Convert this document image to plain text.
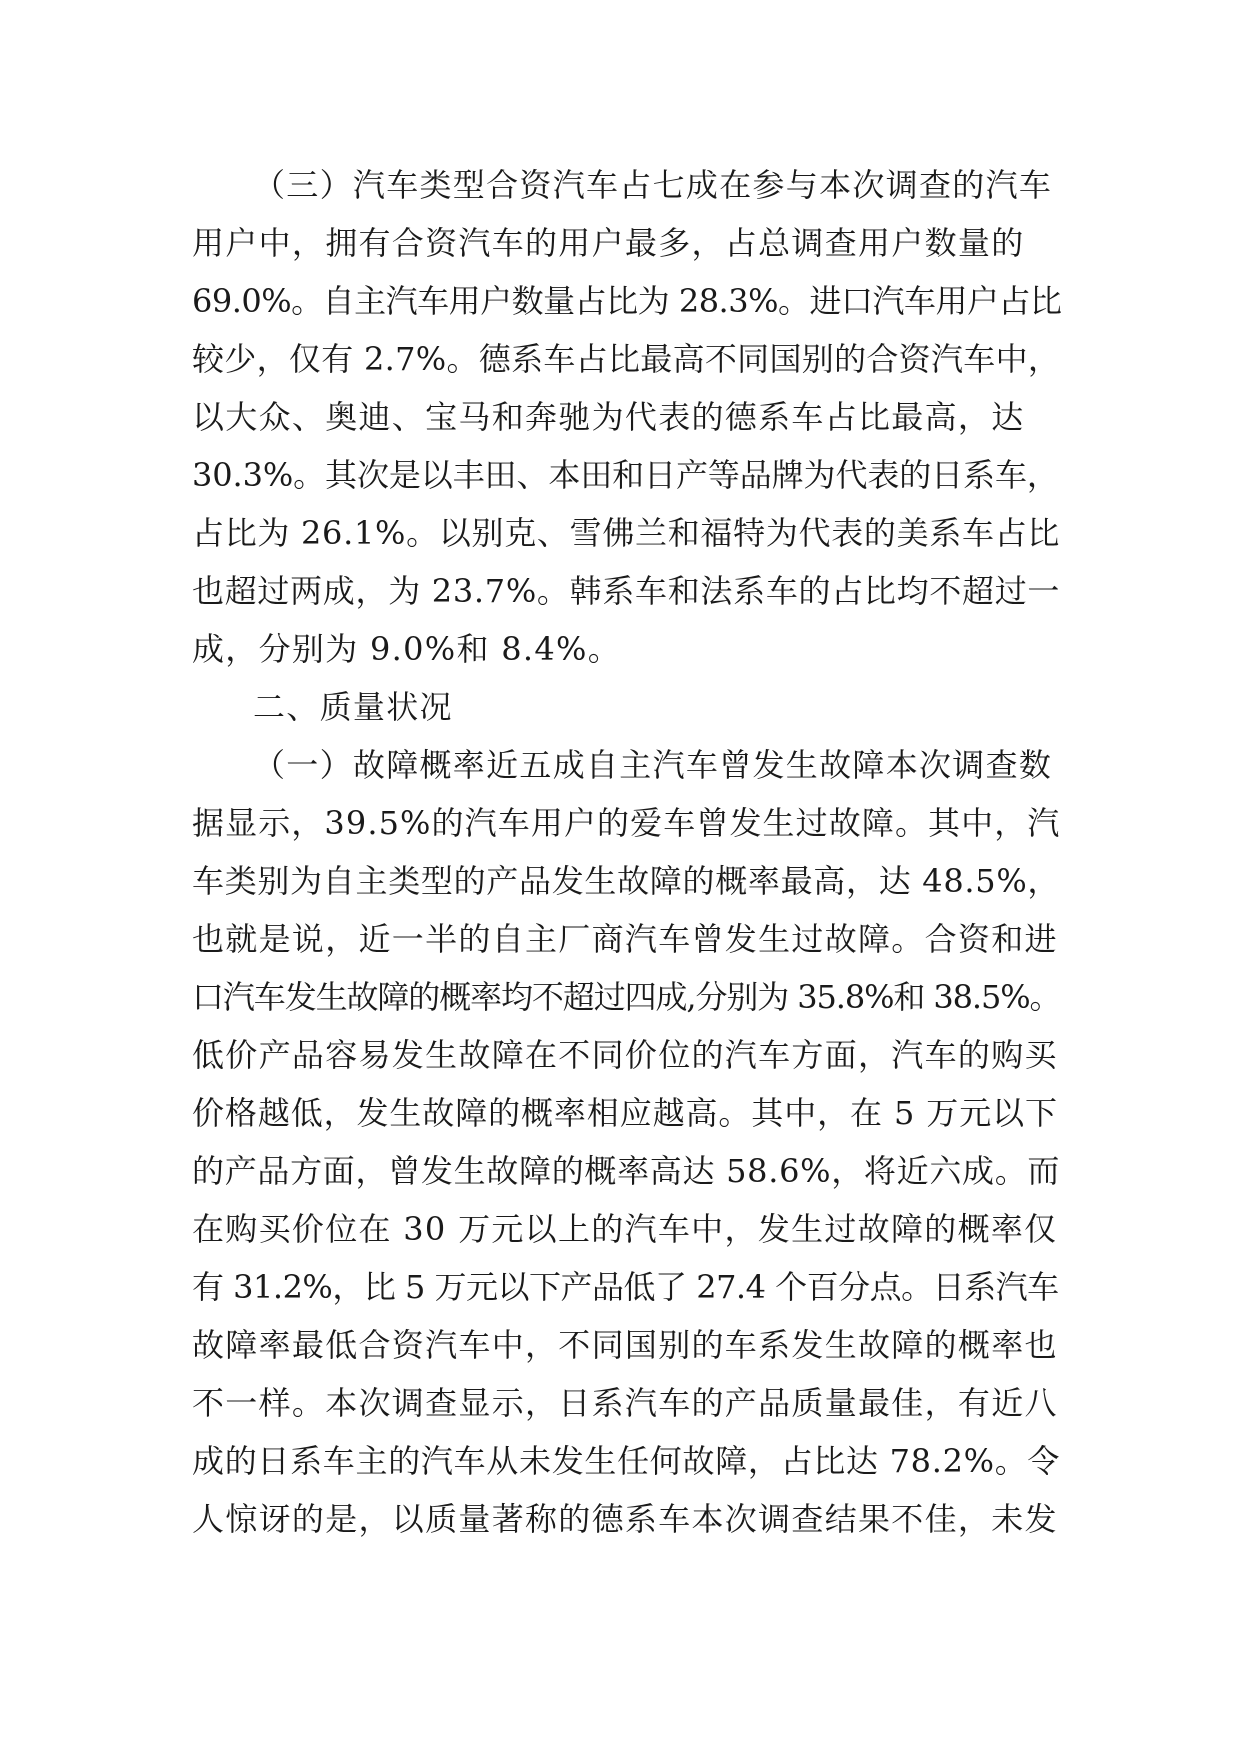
（三）汽车类型合资汽车占七成在参与本次调查的汽车
用户中，拥有合资汽车的用户最多，占总调查用户数量的
69.0%。自主汽车用户数量占比为 28.3%。进口汽车用户占比
较少，仅有 2.7%。德系车占比最高不同国别的合资汽车中，
以大众、奥迪、宝马和奔驰为代表的德系车占比最高，达
30.3%。其次是以丰田、本田和日产等品牌为代表的日系车，
占比为 26.1%。以别克、雪佛兰和福特为代表的美系车占比
也超过两成，为 23.7%。韩系车和法系车的占比均不超过一
成，分别为 9.0%和 8.4%。
二、质量状况
（一）故障概率近五成自主汽车曾发生故障本次调查数
据显示，39.5%的汽车用户的爱车曾发生过故障。其中，汽
车类别为自主类型的产品发生故障的概率最高，达 48.5%，
也就是说，近一半的自主厂商汽车曾发生过故障。合资和进
口汽车发生故障的概率均不超过四成,分别为 35.8%和 38.5%。
低价产品容易发生故障在不同价位的汽车方面，汽车的购买
价格越低，发生故障的概率相应越高。其中，在 5 万元以下
的产品方面，曾发生故障的概率高达 58.6%，将近六成。而
在购买价位在 30 万元以上的汽车中，发生过故障的概率仅
有 31.2%，比 5 万元以下产品低了 27.4 个百分点。日系汽车
故障率最低合资汽车中，不同国别的车系发生故障的概率也
不一样。本次调查显示，日系汽车的产品质量最佳，有近八
成的日系车主的汽车从未发生任何故障，占比达 78.2%。令
人惊讶的是，以质量著称的德系车本次调查结果不佳，未发
